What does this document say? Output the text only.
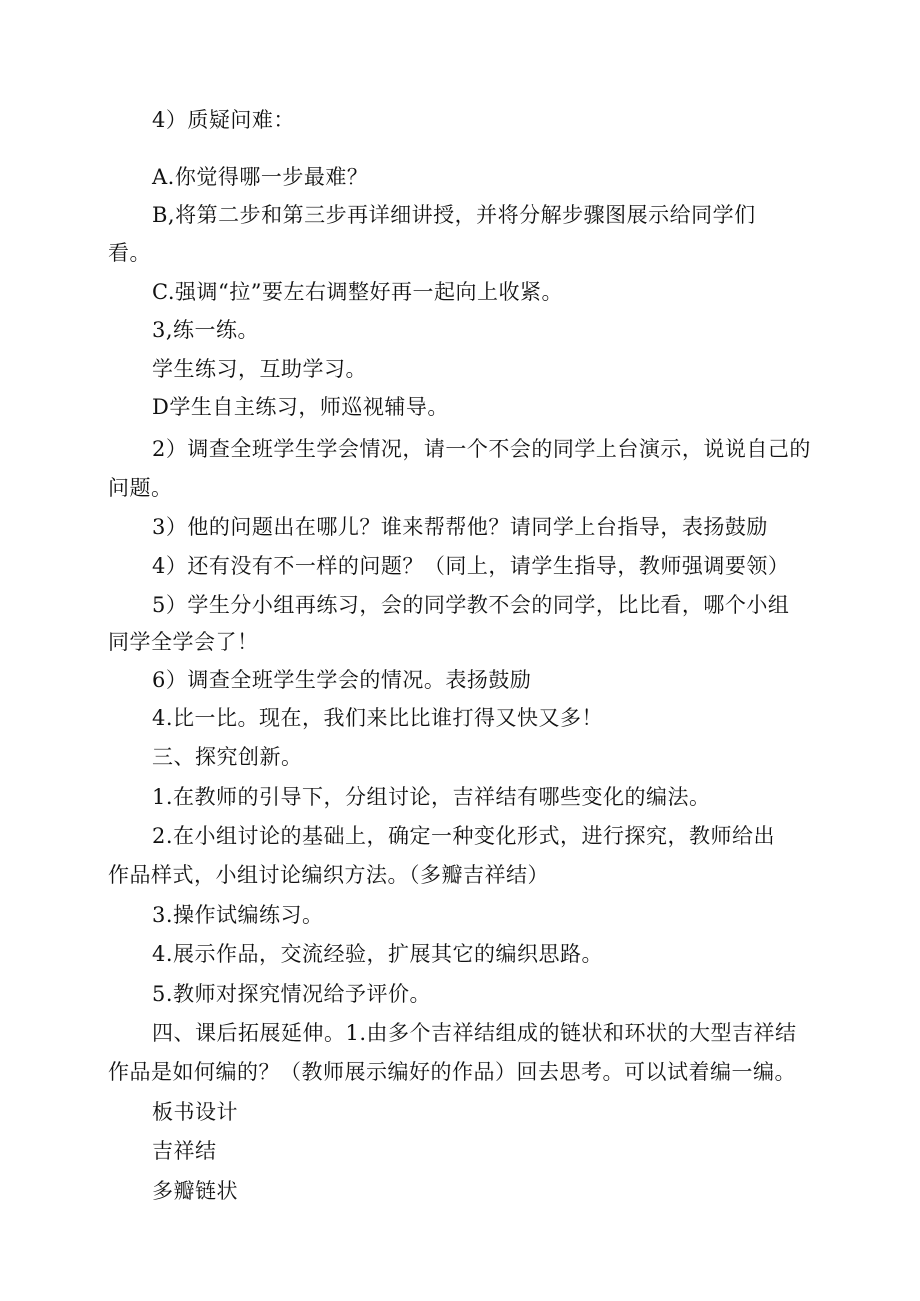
4）质疑问难：
A.你觉得哪一步最难？
B,将第二步和第三步再详细讲授，并将分解步骤图展示给同学们
看。
C.强调“拉”要左右调整好再一起向上收紧。
3,练一练。
学生练习，互助学习。
D学生自主练习，师巡视辅导。
2）调查全班学生学会情况，请一个不会的同学上台演示，说说自己的
问题。
3）他的问题出在哪儿？谁来帮帮他？请同学上台指导，表扬鼓励
4）还有没有不一样的问题？（同上，请学生指导，教师强调要领）
5）学生分小组再练习，会的同学教不会的同学，比比看，哪个小组
同学全学会了！
6）调查全班学生学会的情况。表扬鼓励
4.比一比。现在，我们来比比谁打得又快又多！
三、探究创新。
1.在教师的引导下，分组讨论，吉祥结有哪些变化的编法。
2.在小组讨论的基础上，确定一种变化形式，进行探究，教师给出
作品样式，小组讨论编织方法。（多瓣吉祥结）
3.操作试编练习。
4.展示作品，交流经验，扩展其它的编织思路。
5.教师对探究情况给予评价。
四、课后拓展延伸。1.由多个吉祥结组成的链状和环状的大型吉祥结
作品是如何编的？（教师展示编好的作品）回去思考。可以试着编一编。
板书设计
吉祥结
多瓣链状
